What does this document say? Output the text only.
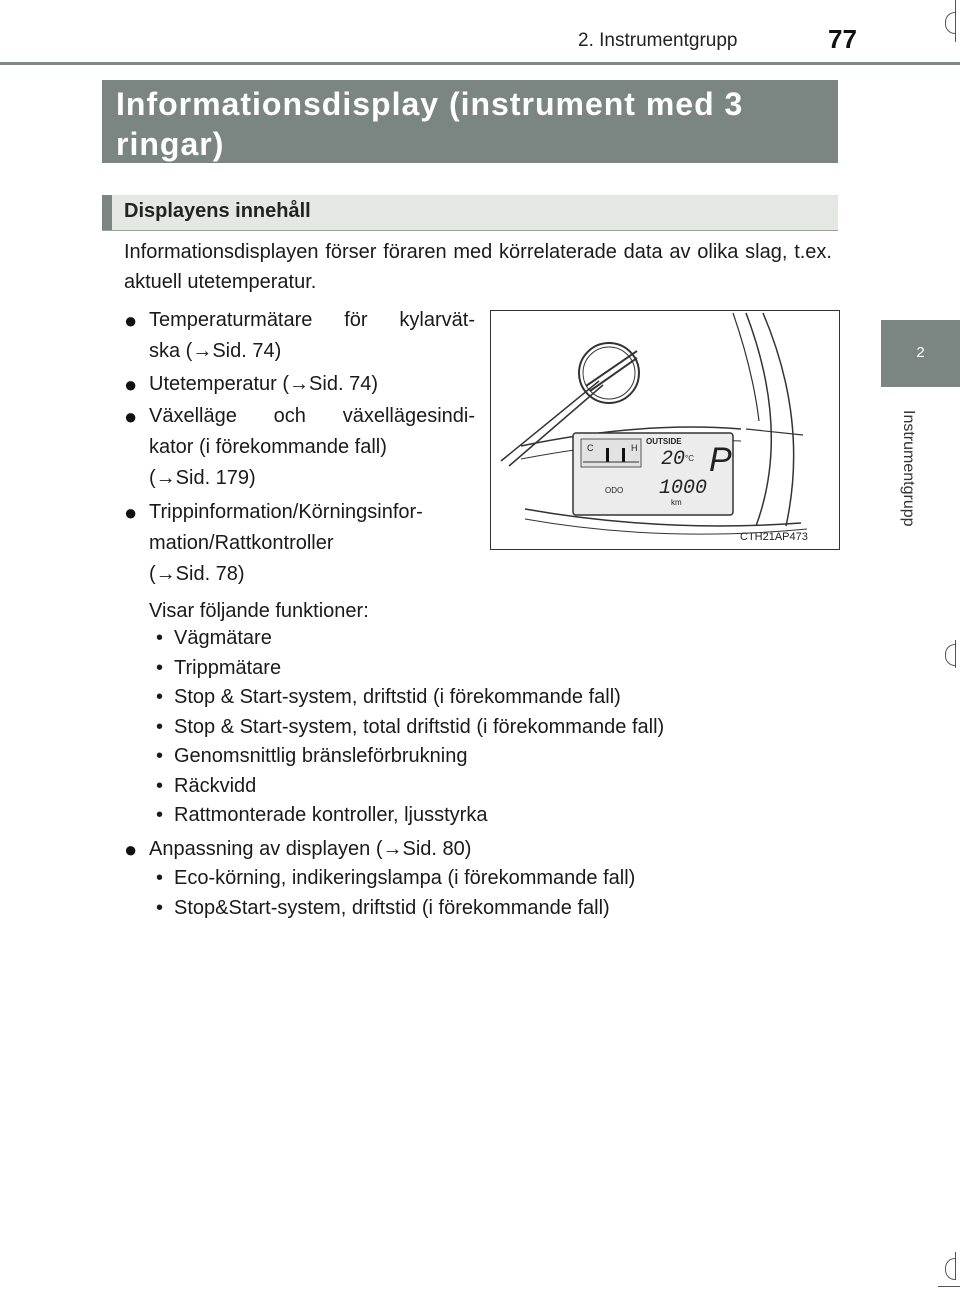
2. Instrumentgrupp	77
2
Instrumentgrupp
Informationsdisplay (instrument med 3 ringar)
Displayens innehåll
Informationsdisplayen förser föraren med körrelaterade data av olika slag, t.ex. aktuell utetemperatur.
● Temperaturmätare för kylarvät-
ska (→Sid. 74)
● Utetemperatur (→Sid. 74)
● Växelläge och växellägesindi-
kator (i förekommande fall)
(→Sid. 179)
● Trippinformation/Körningsinfor-
mation/Rattkontroller
(→Sid. 78)
Visar följande funktioner:
• Vägmätare
• Trippmätare
• Stop & Start-system, driftstid (i förekommande fall)
• Stop & Start-system, total driftstid (i förekommande fall)
• Genomsnittlig bränsleförbrukning
• Räckvidd
• Rattmonterade kontroller, ljusstyrka
● Anpassning av displayen (→Sid. 80)
• Eco-körning, indikeringslampa (i förekommande fall)
• Stop&Start-system, driftstid (i förekommande fall)
C	H
OUTSIDE
20 °C P
ODO 1000
km
CTH21AP473
